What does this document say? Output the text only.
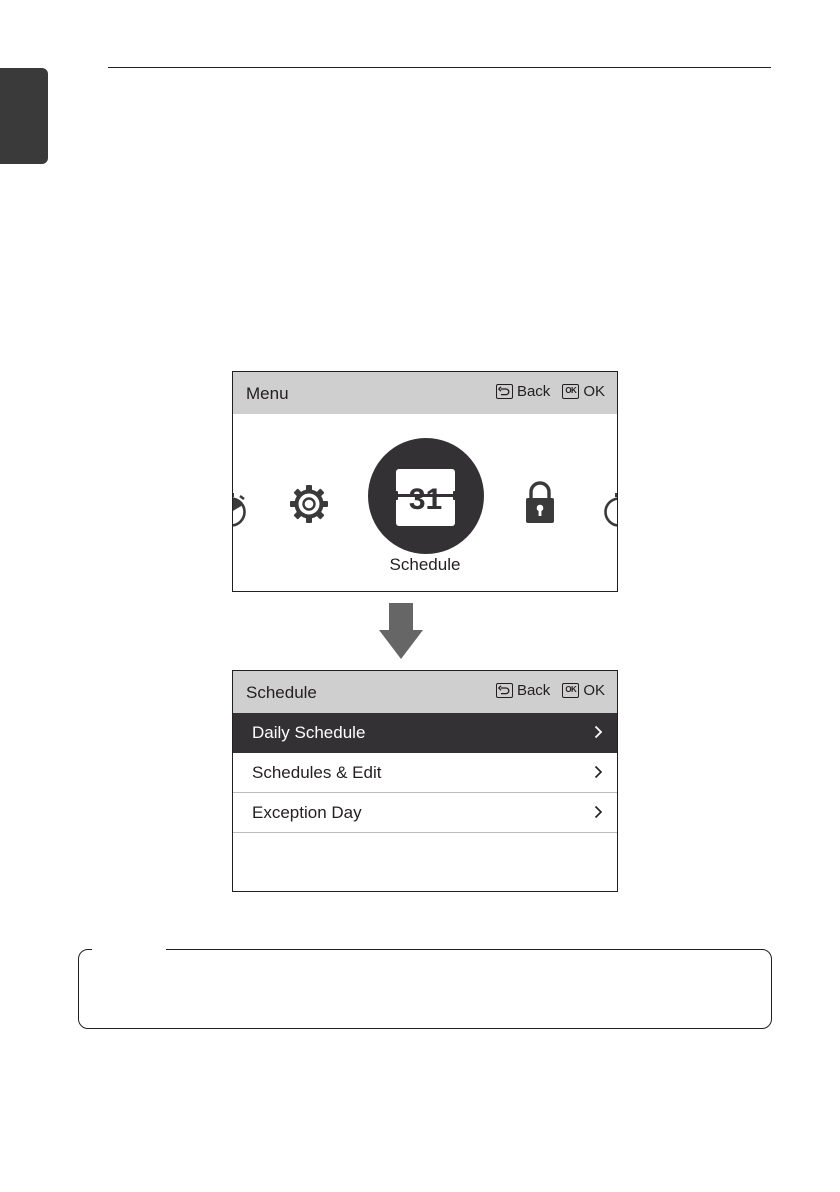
Menu	Back	OK OK
31
Schedule
Schedule	Back	OK OK
Daily Schedule
Schedules & Edit
Exception Day
